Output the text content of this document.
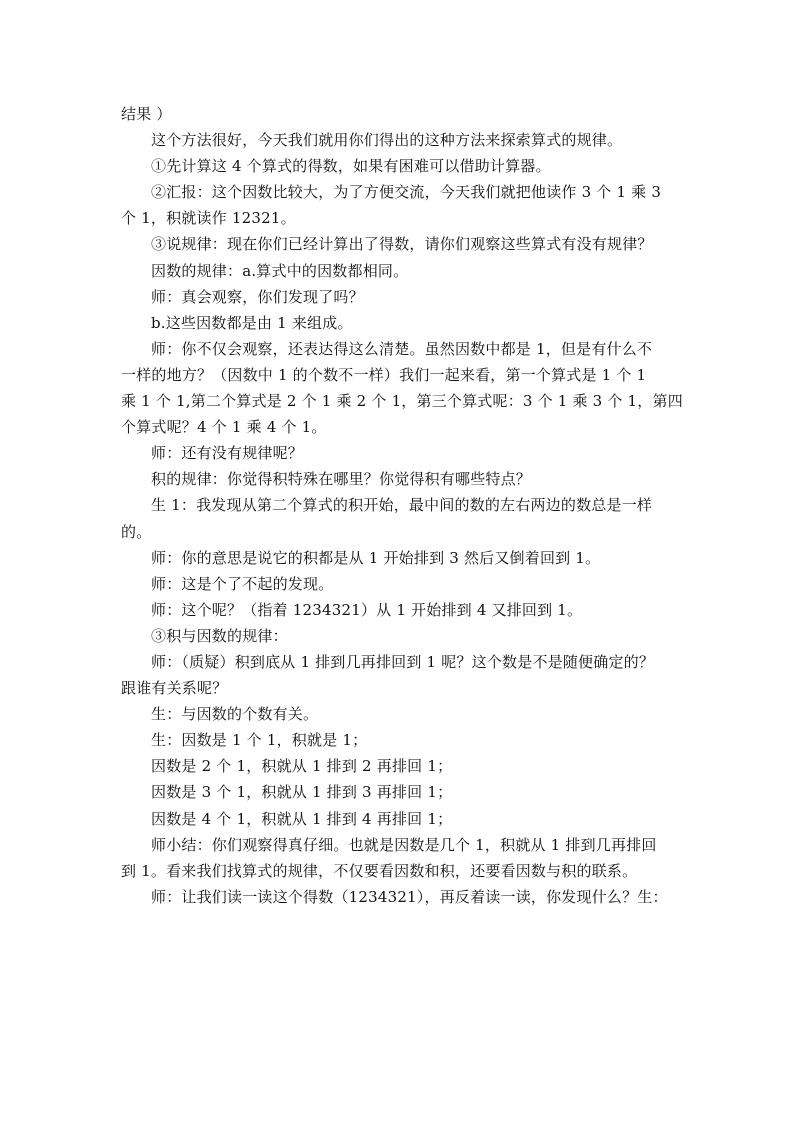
结果 ）
这个方法很好，今天我们就用你们得出的这种方法来探索算式的规律。
①先计算这 4 个算式的得数，如果有困难可以借助计算器。
②汇报：这个因数比较大，为了方便交流，今天我们就把他读作 3 个 1 乘 3
个 1，积就读作 12321。
③说规律：现在你们已经计算出了得数，请你们观察这些算式有没有规律？
因数的规律：a.算式中的因数都相同。
师：真会观察，你们发现了吗？
b.这些因数都是由 1 来组成。
师：你不仅会观察，还表达得这么清楚。虽然因数中都是 1，但是有什么不
一样的地方？（因数中 1 的个数不一样）我们一起来看，第一个算式是 1 个 1
乘 1 个 1,第二个算式是 2 个 1 乘 2 个 1，第三个算式呢：3 个 1 乘 3 个 1，第四
个算式呢？4 个 1 乘 4 个 1。
师：还有没有规律呢？
积的规律：你觉得积特殊在哪里？你觉得积有哪些特点？
生 1：我发现从第二个算式的积开始，最中间的数的左右两边的数总是一样
的。
师：你的意思是说它的积都是从 1 开始排到 3 然后又倒着回到 1。
师：这是个了不起的发现。
师：这个呢？（指着 1234321）从 1 开始排到 4 又排回到 1。
③积与因数的规律：
师：（质疑）积到底从 1 排到几再排回到 1 呢？这个数是不是随便确定的？
跟谁有关系呢？
生：与因数的个数有关。
生：因数是 1 个 1，积就是 1；
因数是 2 个 1，积就从 1 排到 2 再排回 1；
因数是 3 个 1，积就从 1 排到 3 再排回 1；
因数是 4 个 1，积就从 1 排到 4 再排回 1；
师小结：你们观察得真仔细。也就是因数是几个 1，积就从 1 排到几再排回
到 1。看来我们找算式的规律，不仅要看因数和积，还要看因数与积的联系。
师：让我们读一读这个得数（1234321），再反着读一读，你发现什么？生：
